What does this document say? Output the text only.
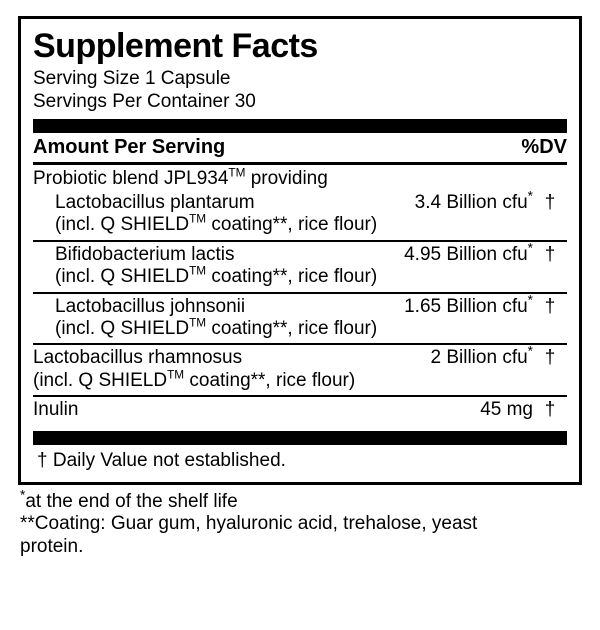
Supplement Facts
Serving Size 1 Capsule
Servings Per Container 30
Amount Per Serving	%DV
Probiotic blend JPL934™ providing
Lactobacillus plantarum	3.4 Billion cfu* †
(incl. Q SHIELD™ coating**, rice flour)
Bifidobacterium lactis	4.95 Billion cfu* †
(incl. Q SHIELD™ coating**, rice flour)
Lactobacillus johnsonii	1.65 Billion cfu* †
(incl. Q SHIELD™ coating**, rice flour)
Lactobacillus rhamnosus	2 Billion cfu* †
(incl. Q SHIELD™ coating**, rice flour)
Inulin	45 mg †
† Daily Value not established.
*at the end of the shelf life
**Coating: Guar gum, hyaluronic acid, trehalose, yeast
protein.
